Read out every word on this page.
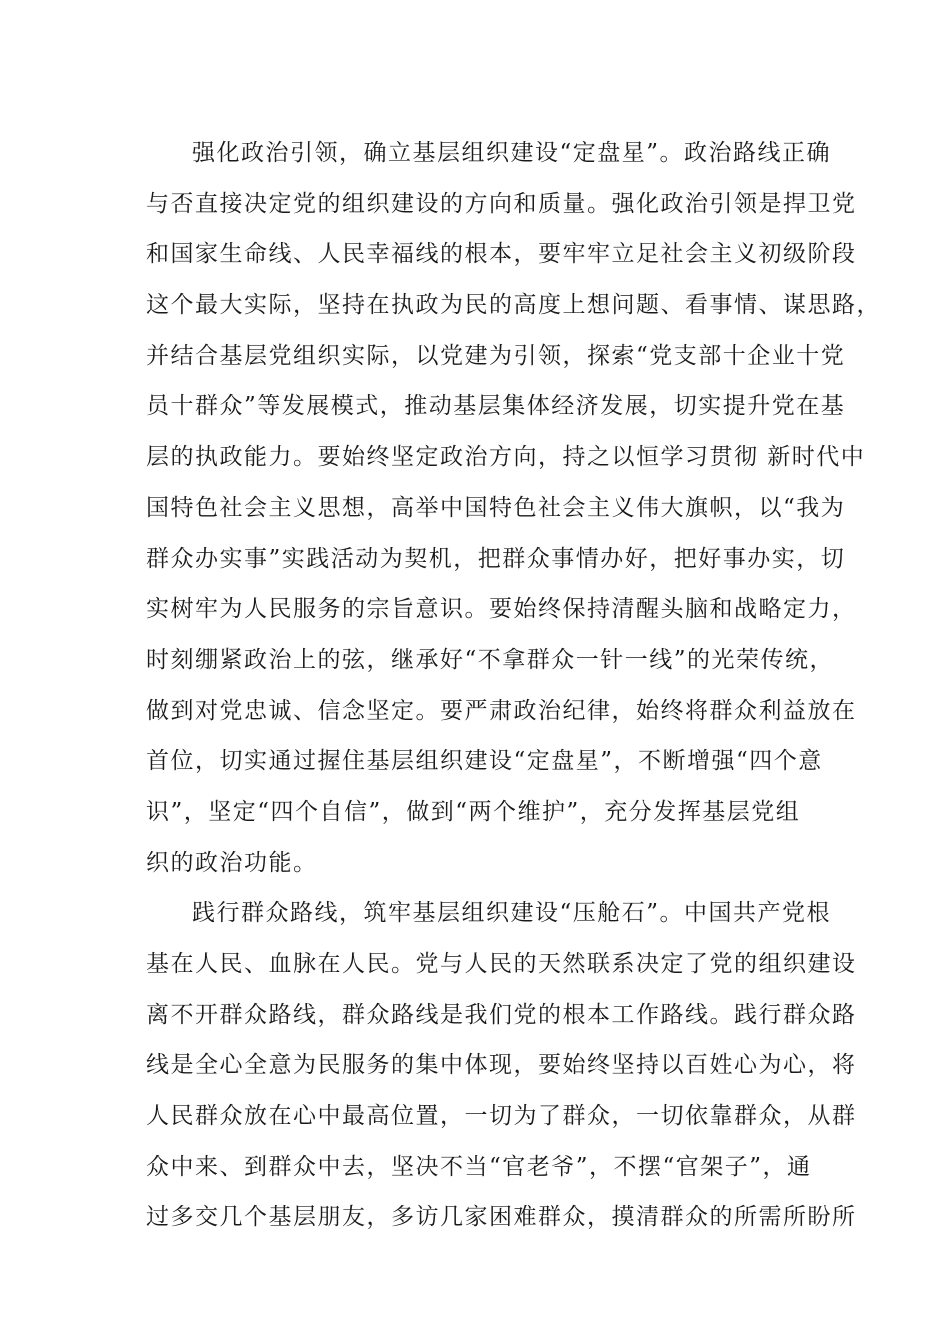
强化政治引领，确立基层组织建设“定盘星”。政治路线正确
与否直接决定党的组织建设的方向和质量。强化政治引领是捍卫党
和国家生命线、人民幸福线的根本，要牢牢立足社会主义初级阶段
这个最大实际，坚持在执政为民的高度上想问题、看事情、谋思路，
并结合基层党组织实际，以党建为引领，探索“党支部十企业十党
员十群众”等发展模式，推动基层集体经济发展，切实提升党在基
层的执政能力。要始终坚定政治方向，持之以恒学习贯彻 新时代中
国特色社会主义思想，高举中国特色社会主义伟大旗帜，以“我为
群众办实事”实践活动为契机，把群众事情办好，把好事办实，切
实树牢为人民服务的宗旨意识。要始终保持清醒头脑和战略定力，
时刻绷紧政治上的弦，继承好“不拿群众一针一线”的光荣传统，
做到对党忠诚、信念坚定。要严肃政治纪律，始终将群众利益放在
首位，切实通过握住基层组织建设“定盘星”，不断增强“四个意
识”，坚定“四个自信”，做到“两个维护”，充分发挥基层党组
织的政治功能。
践行群众路线，筑牢基层组织建设“压舱石”。中国共产党根
基在人民、血脉在人民。党与人民的天然联系决定了党的组织建设
离不开群众路线，群众路线是我们党的根本工作路线。践行群众路
线是全心全意为民服务的集中体现，要始终坚持以百姓心为心，将
人民群众放在心中最高位置，一切为了群众，一切依靠群众，从群
众中来、到群众中去，坚决不当“官老爷”，不摆“官架子”，通
过多交几个基层朋友，多访几家困难群众，摸清群众的所需所盼所
